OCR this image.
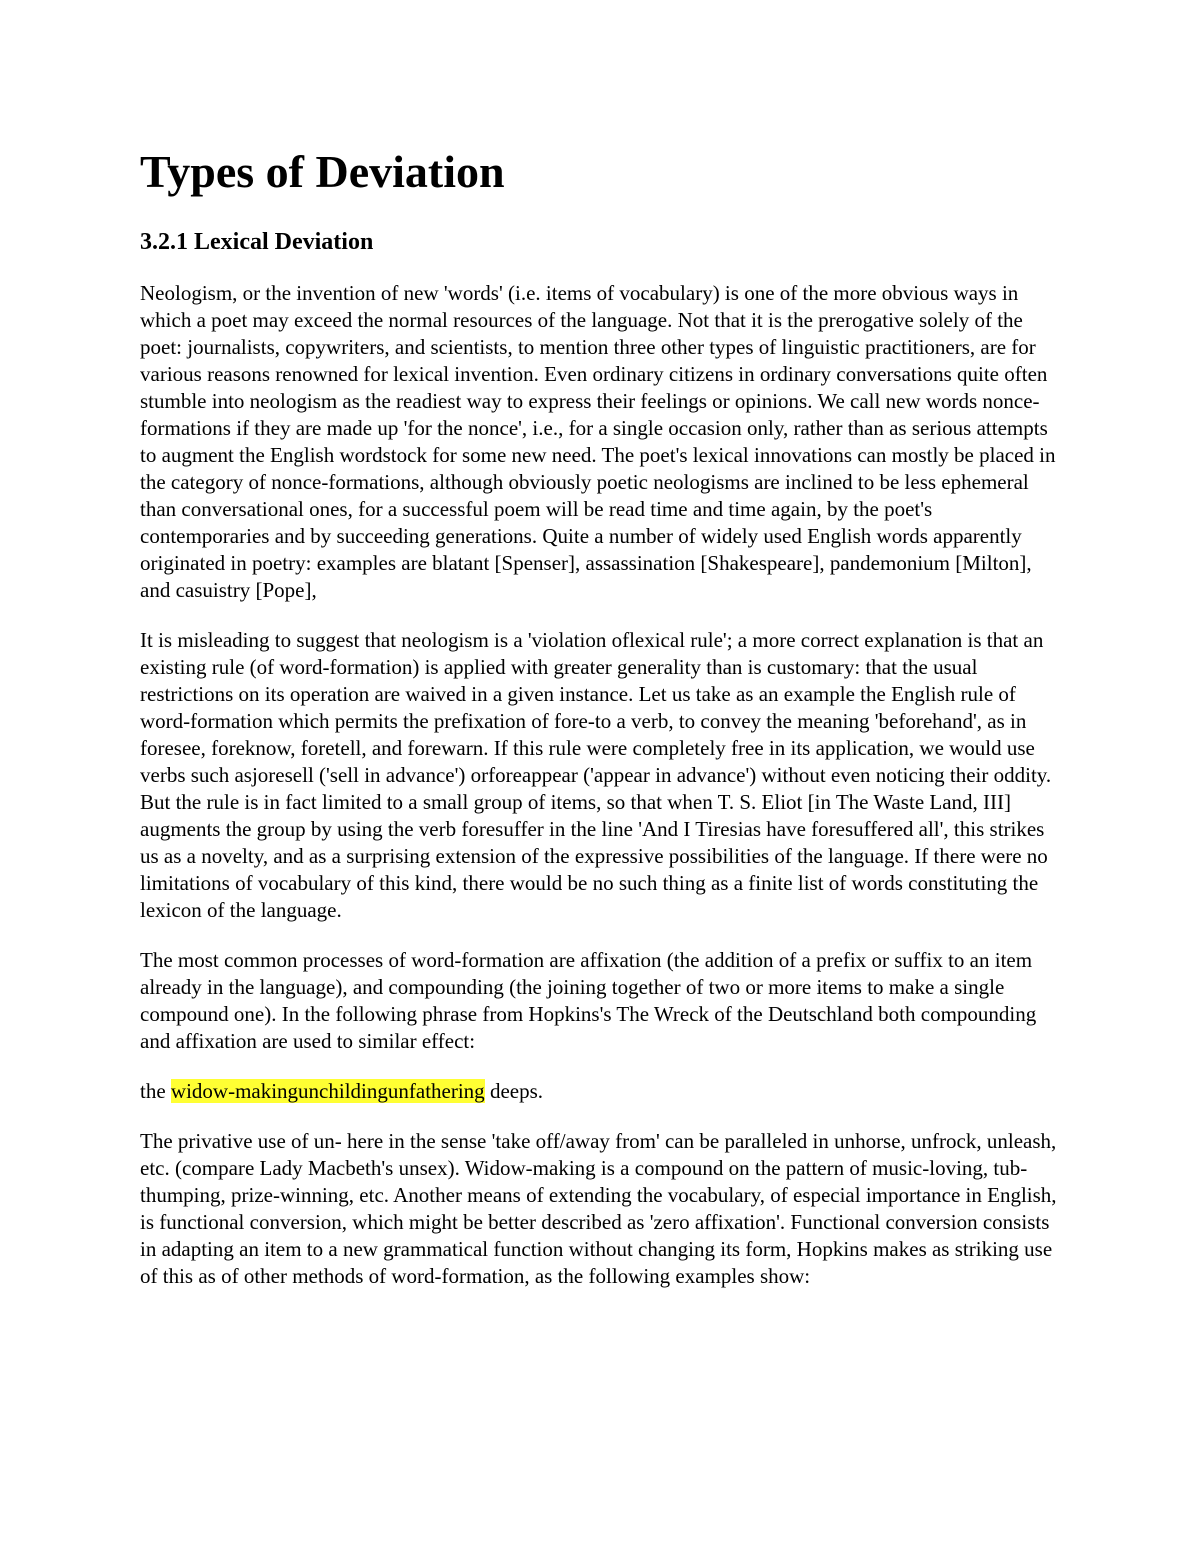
Types of Deviation
3.2.1 Lexical Deviation

Neologism, or the invention of new 'words' (i.e. items of vocabulary) is one of the more obvious ways in which a poet may exceed the normal resources of the language. Not that it is the prerogative solely of the poet: journalists, copywriters, and scientists, to mention three other types of linguistic practitioners, are for various reasons renowned for lexical invention. Even ordinary citizens in ordinary conversations quite often stumble into neologism as the readiest way to express their feelings or opinions. We call new words nonce-formations if they are made up 'for the nonce', i.e., for a single occasion only, rather than as serious attempts to augment the English wordstock for some new need. The poet's lexical innovations can mostly be placed in the category of nonce-formations, although obviously poetic neologisms are inclined to be less ephemeral than conversational ones, for a successful poem will be read time and time again, by the poet's contemporaries and by succeeding generations. Quite a number of widely used English words apparently originated in poetry: examples are blatant [Spenser], assassination [Shakespeare], pandemonium [Milton], and casuistry [Pope],

It is misleading to suggest that neologism is a 'violation oflexical rule'; a more correct explanation is that an existing rule (of word-formation) is applied with greater generality than is customary: that the usual restrictions on its operation are waived in a given instance. Let us take as an example the English rule of word-formation which permits the prefixation of fore-to a verb, to convey the meaning 'beforehand', as in foresee, foreknow, foretell, and forewarn. If this rule were completely free in its application, we would use verbs such asjoresell ('sell in advance') orforeappear ('appear in advance') without even noticing their oddity. But the rule is in fact limited to a small group of items, so that when T. S. Eliot [in The Waste Land, III] augments the group by using the verb foresuffer in the line 'And I Tiresias have foresuffered all', this strikes us as a novelty, and as a surprising extension of the expressive possibilities of the language. If there were no limitations of vocabulary of this kind, there would be no such thing as a finite list of words constituting the lexicon of the language.

The most common processes of word-formation are affixation (the addition of a prefix or suffix to an item already in the language), and compounding (the joining together of two or more items to make a single compound one). In the following phrase from Hopkins's The Wreck of the Deutschland both compounding and affixation are used to similar effect:

the widow-makingunchildingunfathering deeps.

The privative use of un- here in the sense 'take off/away from' can be paralleled in unhorse, unfrock, unleash, etc. (compare Lady Macbeth's unsex). Widow-making is a compound on the pattern of music-loving, tub-thumping, prize-winning, etc. Another means of extending the vocabulary, of especial importance in English, is functional conversion, which might be better described as 'zero affixation'. Functional conversion consists in adapting an item to a new grammatical function without changing its form, Hopkins makes as striking use of this as of other methods of word-formation, as the following examples show:
